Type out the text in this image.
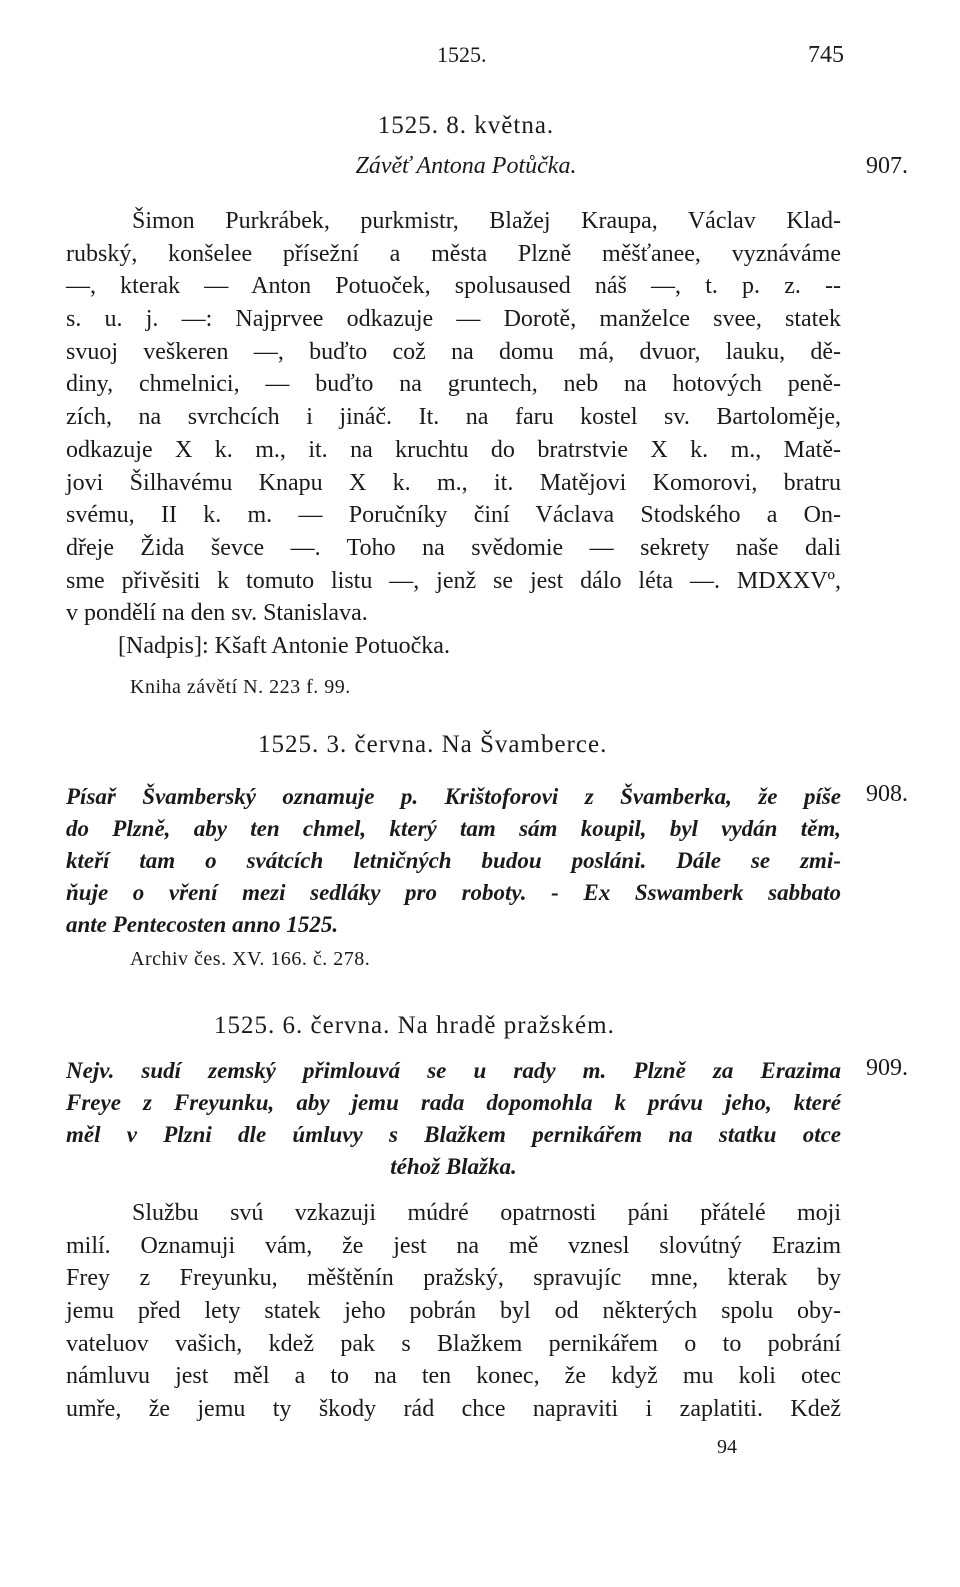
1525.	745
1525. 8. května.
Závěť Antona Potůčka.	907.
Šimon Purkrábek, purkmistr, Blažej Kraupa, Václav Klad-
rubský, konšelee přísežní a města Plzně měšťanee, vyznáváme
—, kterak — Anton Potuoček, spolusaused náš —, t. p. z. --
s. u. j. —: Najprvee odkazuje — Dorotě, manželce svee, statek
svuoj veškeren —, buďto což na domu má, dvuor, lauku, dě-
diny, chmelnici, — buďto na gruntech, neb na hotových peně-
zích, na svrchcích i jináč. It. na faru kostel sv. Bartoloměje,
odkazuje X k. m., it. na kruchtu do bratrstvie X k. m., Matě-
jovi Šilhavému Knapu X k. m., it. Matějovi Komorovi, bratru
svému, II k. m. — Poručníky činí Václava Stodského a On-
dřeje Žida ševce —. Toho na svědomie — sekrety naše dali
sme přivěsiti k tomuto listu —, jenž se jest dálo léta —. MDXXVº,
v pondělí na den sv. Stanislava.
[Nadpis]: Kšaft Antonie Potuočka.
Kniha závětí N. 223 f. 99.
1525. 3. června. Na Švamberce.
908.
Písař Švamberský oznamuje p. Krištoforovi z Švamberka, že píše
do Plzně, aby ten chmel, který tam sám koupil, byl vydán těm,
kteří tam o svátcích letničných budou posláni. Dále se zmi-
ňuje o vření mezi sedláky pro roboty. - Ex Sswamberk sabbato
ante Pentecosten anno 1525.
Archiv čes. XV. 166. č. 278.
1525. 6. června. Na hradě pražském.
909.
Nejv. sudí zemský přimlouvá se u rady m. Plzně za Erazima
Freye z Freyunku, aby jemu rada dopomohla k právu jeho, které
měl v Plzni dle úmluvy s Blažkem pernikářem na statku otce
téhož Blažka.
Službu svú vzkazuji múdré opatrnosti páni přátelé moji
milí. Oznamuji vám, že jest na mě vznesl slovútný Erazim
Frey z Freyunku, měštěnín pražský, spravujíc mne, kterak by
jemu před lety statek jeho pobrán byl od některých spolu oby-
vateluov vašich, kdež pak s Blažkem pernikářem o to pobrání
námluvu jest měl a to na ten konec, že když mu koli otec
umře, že jemu ty škody rád chce napraviti i zaplatiti. Kdež
94
